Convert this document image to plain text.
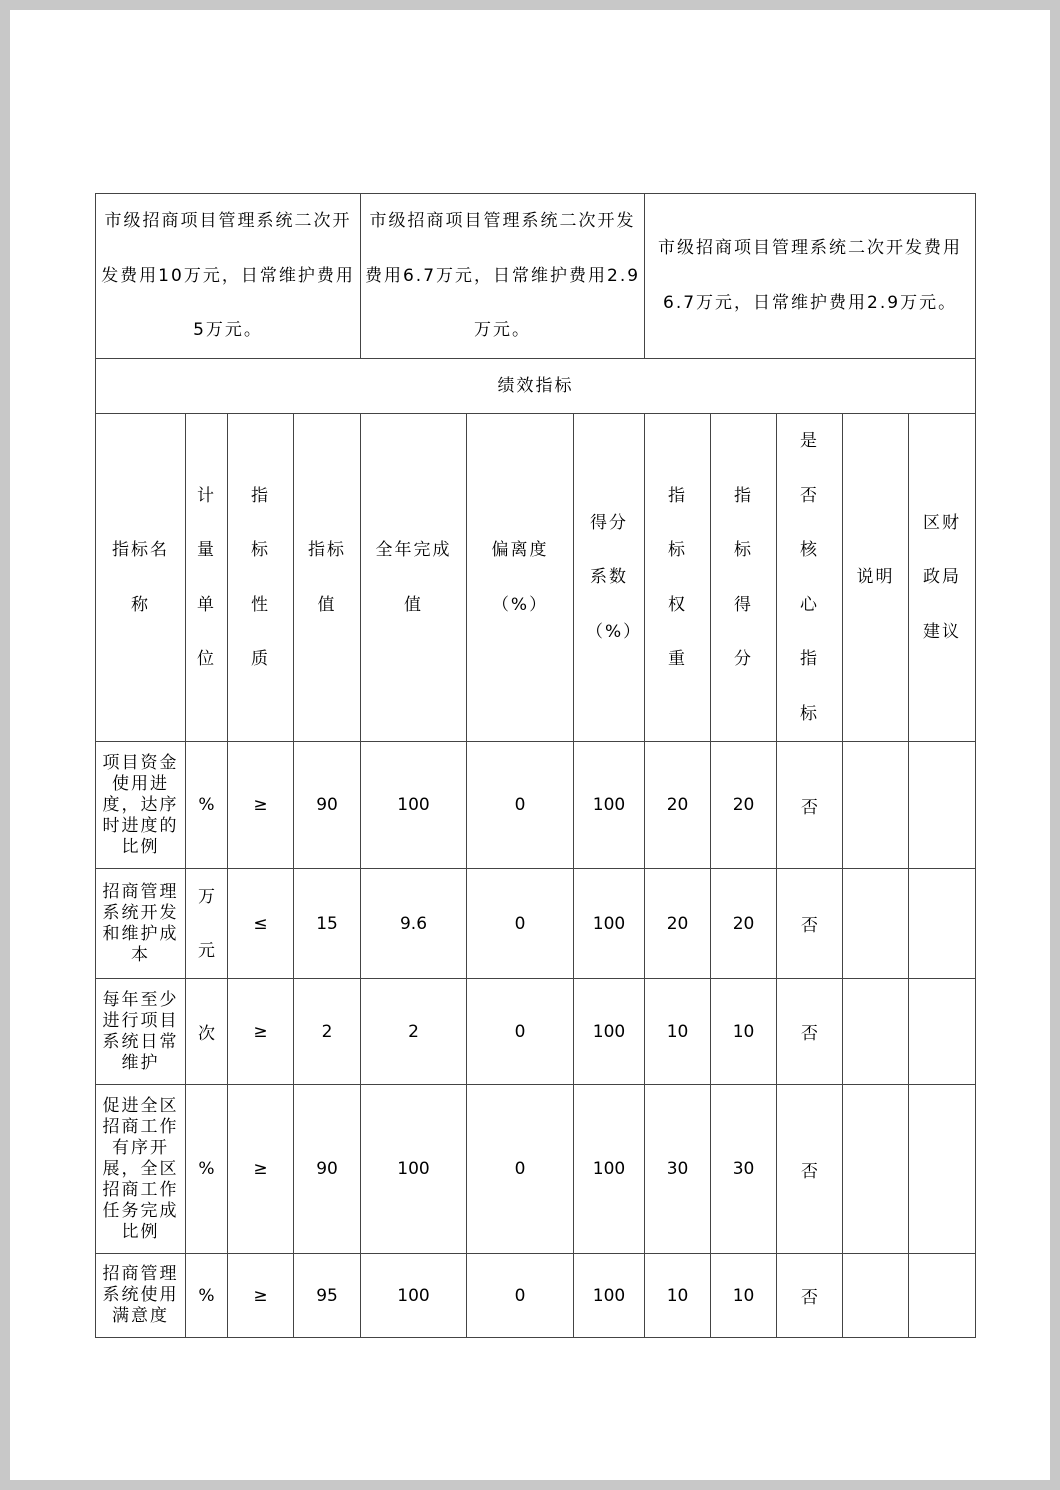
市级招商项目管理系统二次开发费用10万元，日常维护费用5万元。				市级招商项目管理系统二次开发费用6.7万元，日常维护费用2.9万元。			市级招商项目管理系统二次开发费用6.7万元，日常维护费用2.9万元。				
绩效指标											
指标名称	计量单位	指标性质	指标值	全年完成值	偏离度（%）	得分系数（%）	指标权重	指标得分	是否核心指标	说明	区财政局建议
项目资金使用进度，达序时进度的比例	%	≥	90	100	0	100	20	20	否		
招商管理系统开发和维护成本	万元	≤	15	9.6	0	100	20	20	否		
每年至少进行项目系统日常维护	次	≥	2	2	0	100	10	10	否		
促进全区招商工作有序开展，全区招商工作任务完成比例	%	≥	90	100	0	100	30	30	否		
招商管理系统使用满意度	%	≥	95	100	0	100	10	10	否		
